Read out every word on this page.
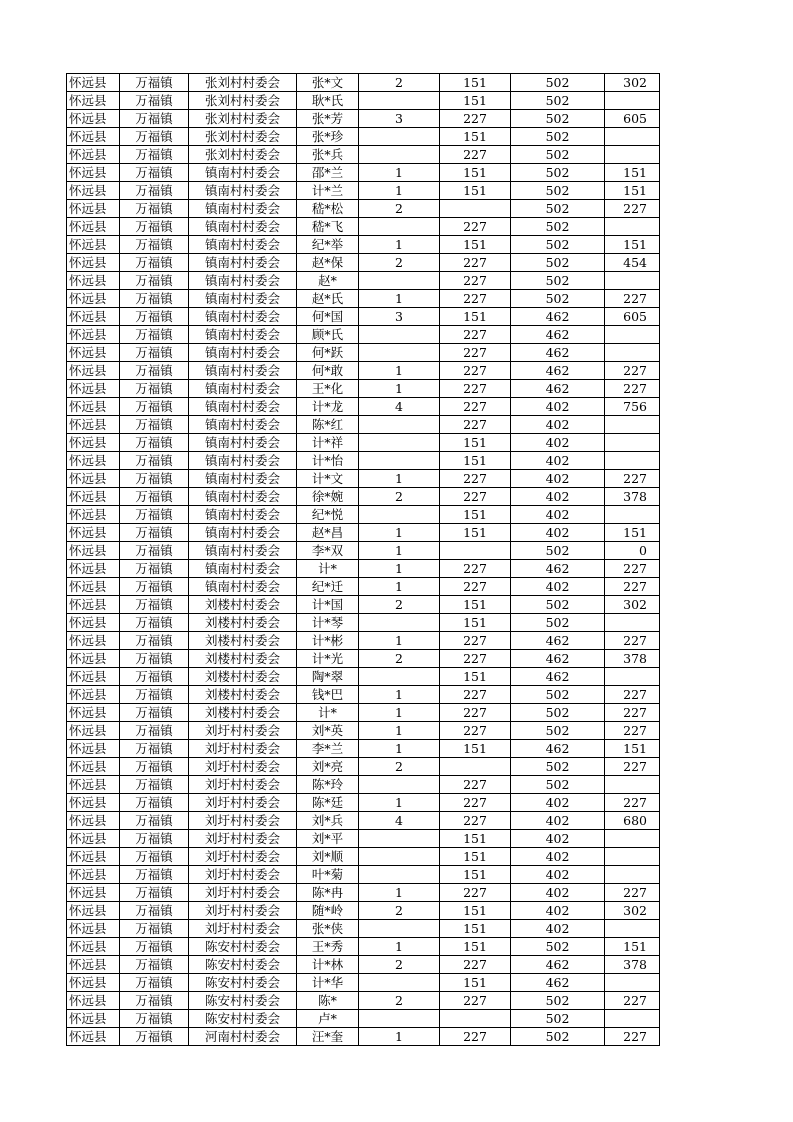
怀远县	万福镇	张刘村村委会	张*文	2	151	502	302
怀远县	万福镇	张刘村村委会	耿*氏		151	502	
怀远县	万福镇	张刘村村委会	张*芳	3	227	502	605
怀远县	万福镇	张刘村村委会	张*珍		151	502	
怀远县	万福镇	张刘村村委会	张*兵		227	502	
怀远县	万福镇	镇南村村委会	邵*兰	1	151	502	151
怀远县	万福镇	镇南村村委会	计*兰	1	151	502	151
怀远县	万福镇	镇南村村委会	嵇*松	2		502	227
怀远县	万福镇	镇南村村委会	嵇*飞		227	502	
怀远县	万福镇	镇南村村委会	纪*举	1	151	502	151
怀远县	万福镇	镇南村村委会	赵*保	2	227	502	454
怀远县	万福镇	镇南村村委会	赵*		227	502	
怀远县	万福镇	镇南村村委会	赵*氏	1	227	502	227
怀远县	万福镇	镇南村村委会	何*国	3	151	462	605
怀远县	万福镇	镇南村村委会	顾*氏		227	462	
怀远县	万福镇	镇南村村委会	何*跃		227	462	
怀远县	万福镇	镇南村村委会	何*敢	1	227	462	227
怀远县	万福镇	镇南村村委会	王*化	1	227	462	227
怀远县	万福镇	镇南村村委会	计*龙	4	227	402	756
怀远县	万福镇	镇南村村委会	陈*红		227	402	
怀远县	万福镇	镇南村村委会	计*祥		151	402	
怀远县	万福镇	镇南村村委会	计*怡		151	402	
怀远县	万福镇	镇南村村委会	计*文	1	227	402	227
怀远县	万福镇	镇南村村委会	徐*婉	2	227	402	378
怀远县	万福镇	镇南村村委会	纪*悦		151	402	
怀远县	万福镇	镇南村村委会	赵*昌	1	151	402	151
怀远县	万福镇	镇南村村委会	李*双	1		502	0
怀远县	万福镇	镇南村村委会	计*	1	227	462	227
怀远县	万福镇	镇南村村委会	纪*迁	1	227	402	227
怀远县	万福镇	刘楼村村委会	计*国	2	151	502	302
怀远县	万福镇	刘楼村村委会	计*琴		151	502	
怀远县	万福镇	刘楼村村委会	计*彬	1	227	462	227
怀远县	万福镇	刘楼村村委会	计*光	2	227	462	378
怀远县	万福镇	刘楼村村委会	陶*翠		151	462	
怀远县	万福镇	刘楼村村委会	钱*巴	1	227	502	227
怀远县	万福镇	刘楼村村委会	计*	1	227	502	227
怀远县	万福镇	刘圩村村委会	刘*英	1	227	502	227
怀远县	万福镇	刘圩村村委会	李*兰	1	151	462	151
怀远县	万福镇	刘圩村村委会	刘*亮	2		502	227
怀远县	万福镇	刘圩村村委会	陈*玲		227	502	
怀远县	万福镇	刘圩村村委会	陈*廷	1	227	402	227
怀远县	万福镇	刘圩村村委会	刘*兵	4	227	402	680
怀远县	万福镇	刘圩村村委会	刘*平		151	402	
怀远县	万福镇	刘圩村村委会	刘*顺		151	402	
怀远县	万福镇	刘圩村村委会	叶*菊		151	402	
怀远县	万福镇	刘圩村村委会	陈*冉	1	227	402	227
怀远县	万福镇	刘圩村村委会	随*岭	2	151	402	302
怀远县	万福镇	刘圩村村委会	张*侠		151	402	
怀远县	万福镇	陈安村村委会	王*秀	1	151	502	151
怀远县	万福镇	陈安村村委会	计*林	2	227	462	378
怀远县	万福镇	陈安村村委会	计*华		151	462	
怀远县	万福镇	陈安村村委会	陈*	2	227	502	227
怀远县	万福镇	陈安村村委会	卢*			502	
怀远县	万福镇	河南村村委会	汪*奎	1	227	502	227
